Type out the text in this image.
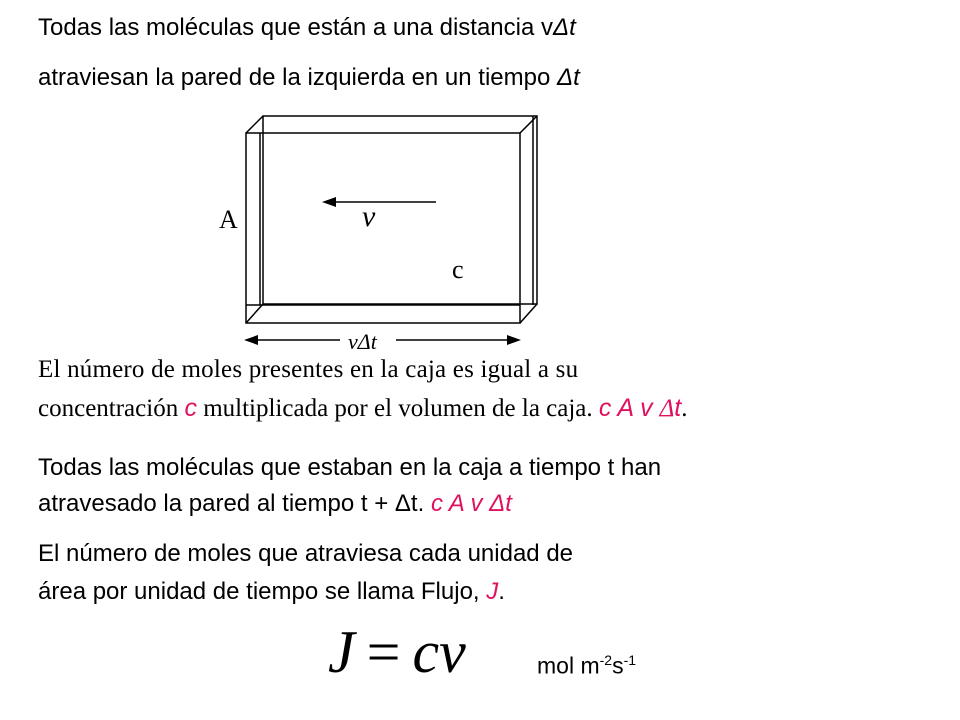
Todas las moléculas que están a una distancia vΔt
atraviesan la pared de la izquierda en un tiempo Δt
v
A
c
vΔt
El número de moles presentes en la caja es igual a su
concentración c multiplicada por el volumen de la caja. c A v Δt.
Todas las moléculas que estaban en la caja a tiempo t han
atravesado la pared al tiempo t + Δt. c A v Δt
El número de moles que atraviesa cada unidad de
área por unidad de tiempo se llama Flujo, J.
J = cv	mol $m^{-2}s^{-1}$
